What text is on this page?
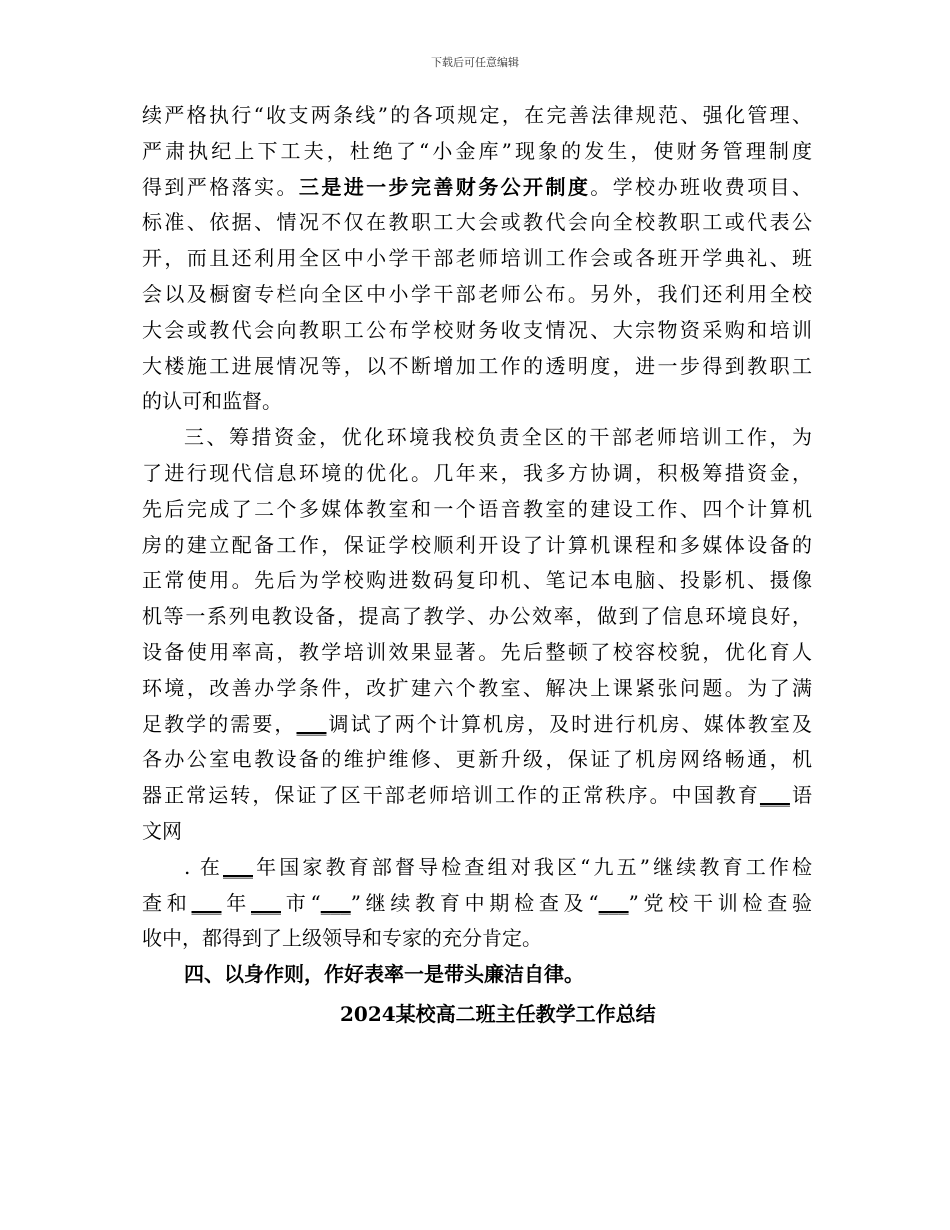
下载后可任意编辑
续严格执行“收支两条线”的各项规定，在完善法律规范、强化管理、
严肃执纪上下工夫，杜绝了“小金库”现象的发生，使财务管理制度
得到严格落实。三是进一步完善财务公开制度。学校办班收费项目、
标准、依据、情况不仅在教职工大会或教代会向全校教职工或代表公
开，而且还利用全区中小学干部老师培训工作会或各班开学典礼、班
会以及橱窗专栏向全区中小学干部老师公布。另外，我们还利用全校
大会或教代会向教职工公布学校财务收支情况、大宗物资采购和培训
大楼施工进展情况等，以不断增加工作的透明度，进一步得到教职工
的认可和监督。
三、筹措资金，优化环境我校负责全区的干部老师培训工作，为
了进行现代信息环境的优化。几年来，我多方协调，积极筹措资金，
先后完成了二个多媒体教室和一个语音教室的建设工作、四个计算机
房的建立配备工作，保证学校顺利开设了计算机课程和多媒体设备的
正常使用。先后为学校购进数码复印机、笔记本电脑、投影机、摄像
机等一系列电教设备，提高了教学、办公效率，做到了信息环境良好，
设备使用率高，教学培训效果显著。先后整顿了校容校貌，优化育人
环境，改善办学条件，改扩建六个教室、解决上课紧张问题。为了满
足教学的需要，___调试了两个计算机房，及时进行机房、媒体教室及
各办公室电教设备的维护维修、更新升级，保证了机房网络畅通，机
器正常运转，保证了区干部老师培训工作的正常秩序。中国教育___语
文网
. 在___年国家教育部督导检查组对我区“九五”继续教育工作检
查和___年___市“___”继续教育中期检查及“___”党校干训检查验
收中，都得到了上级领导和专家的充分肯定。
四、以身作则，作好表率一是带头廉洁自律。
2024某校高二班主任教学工作总结
